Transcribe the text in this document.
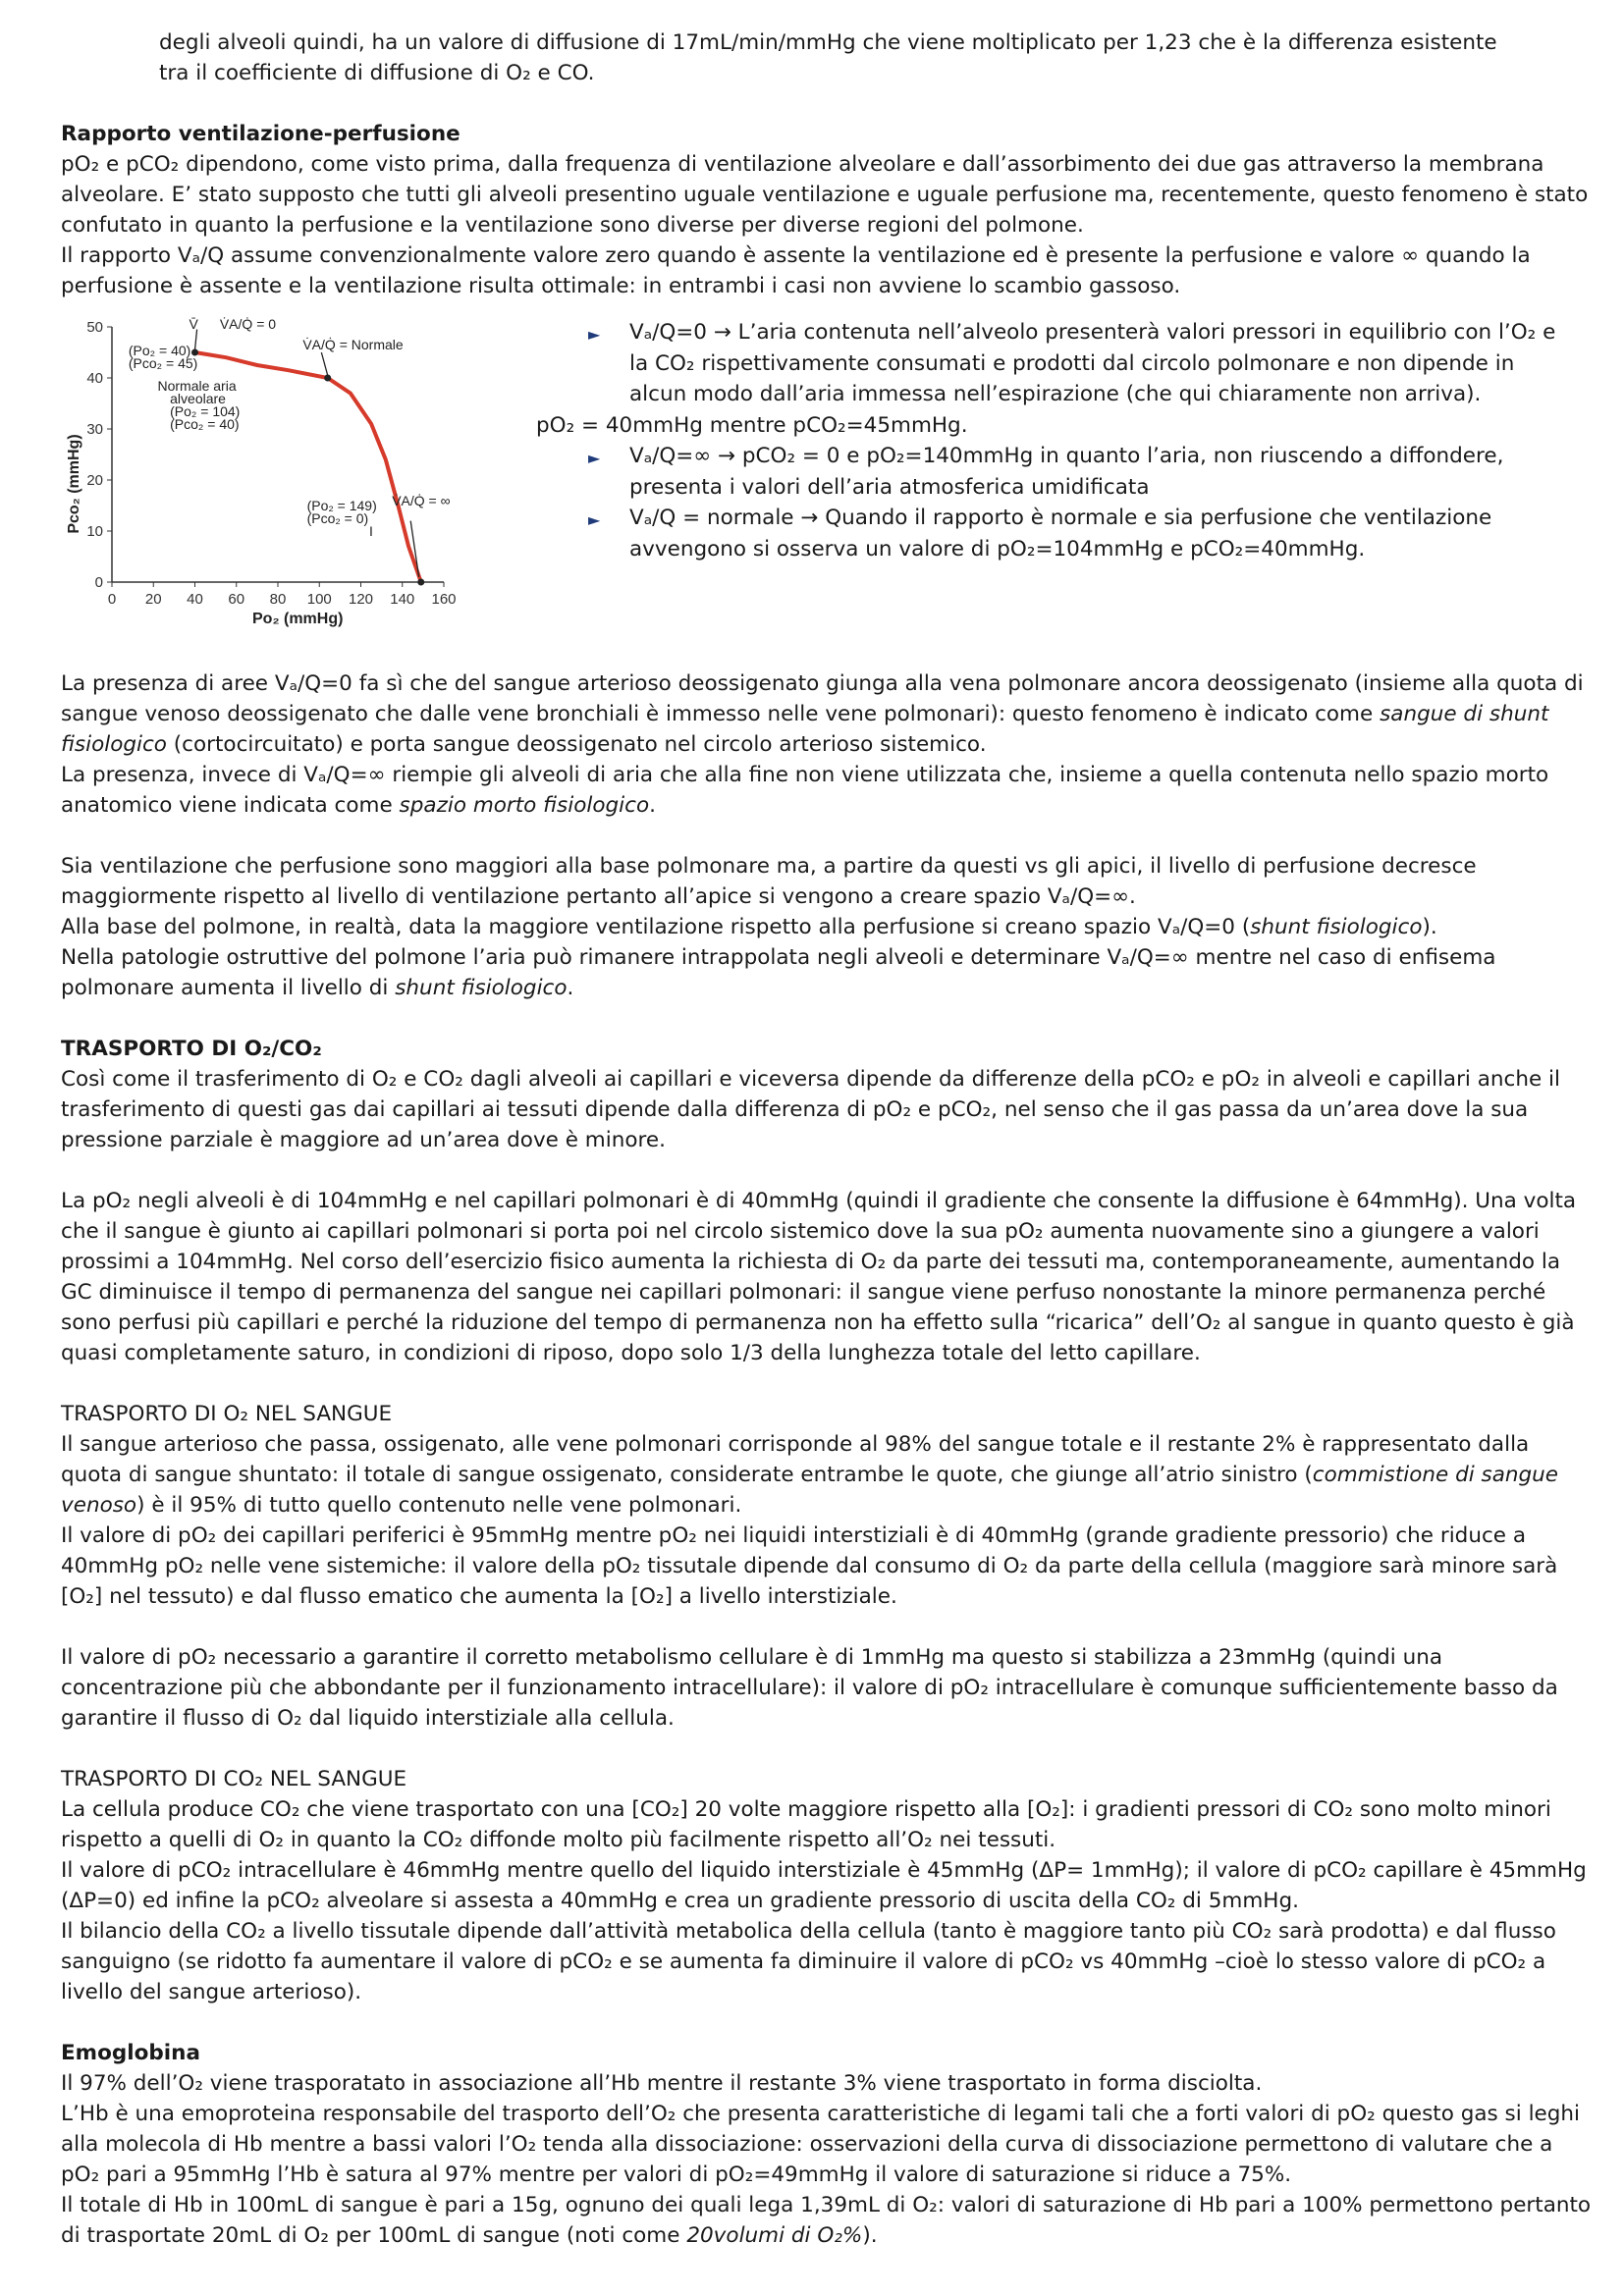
degli alveoli quindi, ha un valore di diffusione di 17mL/min/mmHg che viene moltiplicato per 1,23 che è la differenza esistente

tra il coefficiente di diffusione di O₂ e CO.

Rapporto ventilazione-perfusione

pO₂ e pCO₂ dipendono, come visto prima, dalla frequenza di ventilazione alveolare e dall’assorbimento dei due gas attraverso la membrana alveolare. E’ stato supposto che tutti gli alveoli presentino uguale ventilazione e uguale perfusione ma, recentemente, questo fenomeno è stato confutato in quanto la perfusione e la ventilazione sono diverse per diverse regioni del polmone.

Il rapporto Vₐ/Q assume convenzionalmente valore zero quando è assente la ventilazione ed è presente la perfusione e valore ∞ quando la perfusione è assente e la ventilazione risulta ottimale: in entrambi i casi non avviene lo scambio gassoso.

0 20 40 60 80 100 120 140 160
0
10
20
30
40
50	V̄ V̇A/Q̇ = 0
V̇A/Q̇ = Normale
(Po₂ = 40)
(Pco₂ = 45)
Normale aria
alveolare
(Po₂ = 104)
(Pco₂ = 40)
(Po₂ = 149)
(Pco₂ = 0)
I
V̇A/Q̇ = ∞
Po₂ (mmHg)
Pco₂ (mmHg)

► Vₐ/Q=0 → L’aria contenuta nell’alveolo presenterà valori pressori in equilibrio con l’O₂ e la CO₂ rispettivamente consumati e prodotti dal circolo polmonare e non dipende in alcun modo dall’aria immessa nell’espirazione (che qui chiaramente non arriva).

pO₂ = 40mmHg mentre pCO₂=45mmHg.

► Vₐ/Q=∞ → pCO₂ = 0 e pO₂=140mmHg in quanto l’aria, non riuscendo a diffondere, presenta i valori dell’aria atmosferica umidificata

► Vₐ/Q = normale → Quando il rapporto è normale e sia perfusione che ventilazione avvengono si osserva un valore di pO₂=104mmHg e pCO₂=40mmHg.

La presenza di aree Vₐ/Q=0 fa sì che del sangue arterioso deossigenato giunga alla vena polmonare ancora deossigenato (insieme alla quota di sangue venoso deossigenato che dalle vene bronchiali è immesso nelle vene polmonari): questo fenomeno è indicato come sangue di shunt fisiologico (cortocircuitato) e porta sangue deossigenato nel circolo arterioso sistemico.

La presenza, invece di Vₐ/Q=∞ riempie gli alveoli di aria che alla fine non viene utilizzata che, insieme a quella contenuta nello spazio morto anatomico viene indicata come spazio morto fisiologico.

Sia ventilazione che perfusione sono maggiori alla base polmonare ma, a partire da questi vs gli apici, il livello di perfusione decresce maggiormente rispetto al livello di ventilazione pertanto all’apice si vengono a creare spazio Vₐ/Q=∞.

Alla base del polmone, in realtà, data la maggiore ventilazione rispetto alla perfusione si creano spazio Vₐ/Q=0 (shunt fisiologico).

Nella patologie ostruttive del polmone l’aria può rimanere intrappolata negli alveoli e determinare Vₐ/Q=∞ mentre nel caso di enfisema polmonare aumenta il livello di shunt fisiologico.

TRASPORTO DI O₂/CO₂

Così come il trasferimento di O₂ e CO₂ dagli alveoli ai capillari e viceversa dipende da differenze della pCO₂ e pO₂ in alveoli e capillari anche il trasferimento di questi gas dai capillari ai tessuti dipende dalla differenza di pO₂ e pCO₂, nel senso che il gas passa da un’area dove la sua pressione parziale è maggiore ad un’area dove è minore.

La pO₂ negli alveoli è di 104mmHg e nel capillari polmonari è di 40mmHg (quindi il gradiente che consente la diffusione è 64mmHg). Una volta che il sangue è giunto ai capillari polmonari si porta poi nel circolo sistemico dove la sua pO₂ aumenta nuovamente sino a giungere a valori prossimi a 104mmHg. Nel corso dell’esercizio fisico aumenta la richiesta di O₂ da parte dei tessuti ma, contemporaneamente, aumentando la GC diminuisce il tempo di permanenza del sangue nei capillari polmonari: il sangue viene perfuso nonostante la minore permanenza perché sono perfusi più capillari e perché la riduzione del tempo di permanenza non ha effetto sulla “ricarica” dell’O₂ al sangue in quanto questo è già quasi completamente saturo, in condizioni di riposo, dopo solo 1/3 della lunghezza totale del letto capillare.

TRASPORTO DI O₂ NEL SANGUE

Il sangue arterioso che passa, ossigenato, alle vene polmonari corrisponde al 98% del sangue totale e il restante 2% è rappresentato dalla quota di sangue shuntato: il totale di sangue ossigenato, considerate entrambe le quote, che giunge all’atrio sinistro (commistione di sangue venoso) è il 95% di tutto quello contenuto nelle vene polmonari.

Il valore di pO₂ dei capillari periferici è 95mmHg mentre pO₂ nei liquidi interstiziali è di 40mmHg (grande gradiente pressorio) che riduce a 40mmHg pO₂ nelle vene sistemiche: il valore della pO₂ tissutale dipende dal consumo di O₂ da parte della cellula (maggiore sarà minore sarà [O₂] nel tessuto) e dal flusso ematico che aumenta la [O₂] a livello interstiziale.

Il valore di pO₂ necessario a garantire il corretto metabolismo cellulare è di 1mmHg ma questo si stabilizza a 23mmHg (quindi una concentrazione più che abbondante per il funzionamento intracellulare): il valore di pO₂ intracellulare è comunque sufficientemente basso da garantire il flusso di O₂ dal liquido interstiziale alla cellula.

TRASPORTO DI CO₂ NEL SANGUE

La cellula produce CO₂ che viene trasportato con una [CO₂] 20 volte maggiore rispetto alla [O₂]: i gradienti pressori di CO₂ sono molto minori rispetto a quelli di O₂ in quanto la CO₂ diffonde molto più facilmente rispetto all’O₂ nei tessuti.

Il valore di pCO₂ intracellulare è 46mmHg mentre quello del liquido interstiziale è 45mmHg (ΔP= 1mmHg); il valore di pCO₂ capillare è 45mmHg (ΔP=0) ed infine la pCO₂ alveolare si assesta a 40mmHg e crea un gradiente pressorio di uscita della CO₂ di 5mmHg.

Il bilancio della CO₂ a livello tissutale dipende dall’attività metabolica della cellula (tanto è maggiore tanto più CO₂ sarà prodotta) e dal flusso sanguigno (se ridotto fa aumentare il valore di pCO₂ e se aumenta fa diminuire il valore di pCO₂ vs 40mmHg –cioè lo stesso valore di pCO₂ a livello del sangue arterioso).

Emoglobina

Il 97% dell’O₂ viene trasporatato in associazione all’Hb mentre il restante 3% viene trasportato in forma disciolta.

L’Hb è una emoproteina responsabile del trasporto dell’O₂ che presenta caratteristiche di legami tali che a forti valori di pO₂ questo gas si leghi alla molecola di Hb mentre a bassi valori l’O₂ tenda alla dissociazione: osservazioni della curva di dissociazione permettono di valutare che a pO₂ pari a 95mmHg l’Hb è satura al 97% mentre per valori di pO₂=49mmHg il valore di saturazione si riduce a 75%.

Il totale di Hb in 100mL di sangue è pari a 15g, ognuno dei quali lega 1,39mL di O₂: valori di saturazione di Hb pari a 100% permettono pertanto di trasportate 20mL di O₂ per 100mL di sangue (noti come 20volumi di O₂%).
